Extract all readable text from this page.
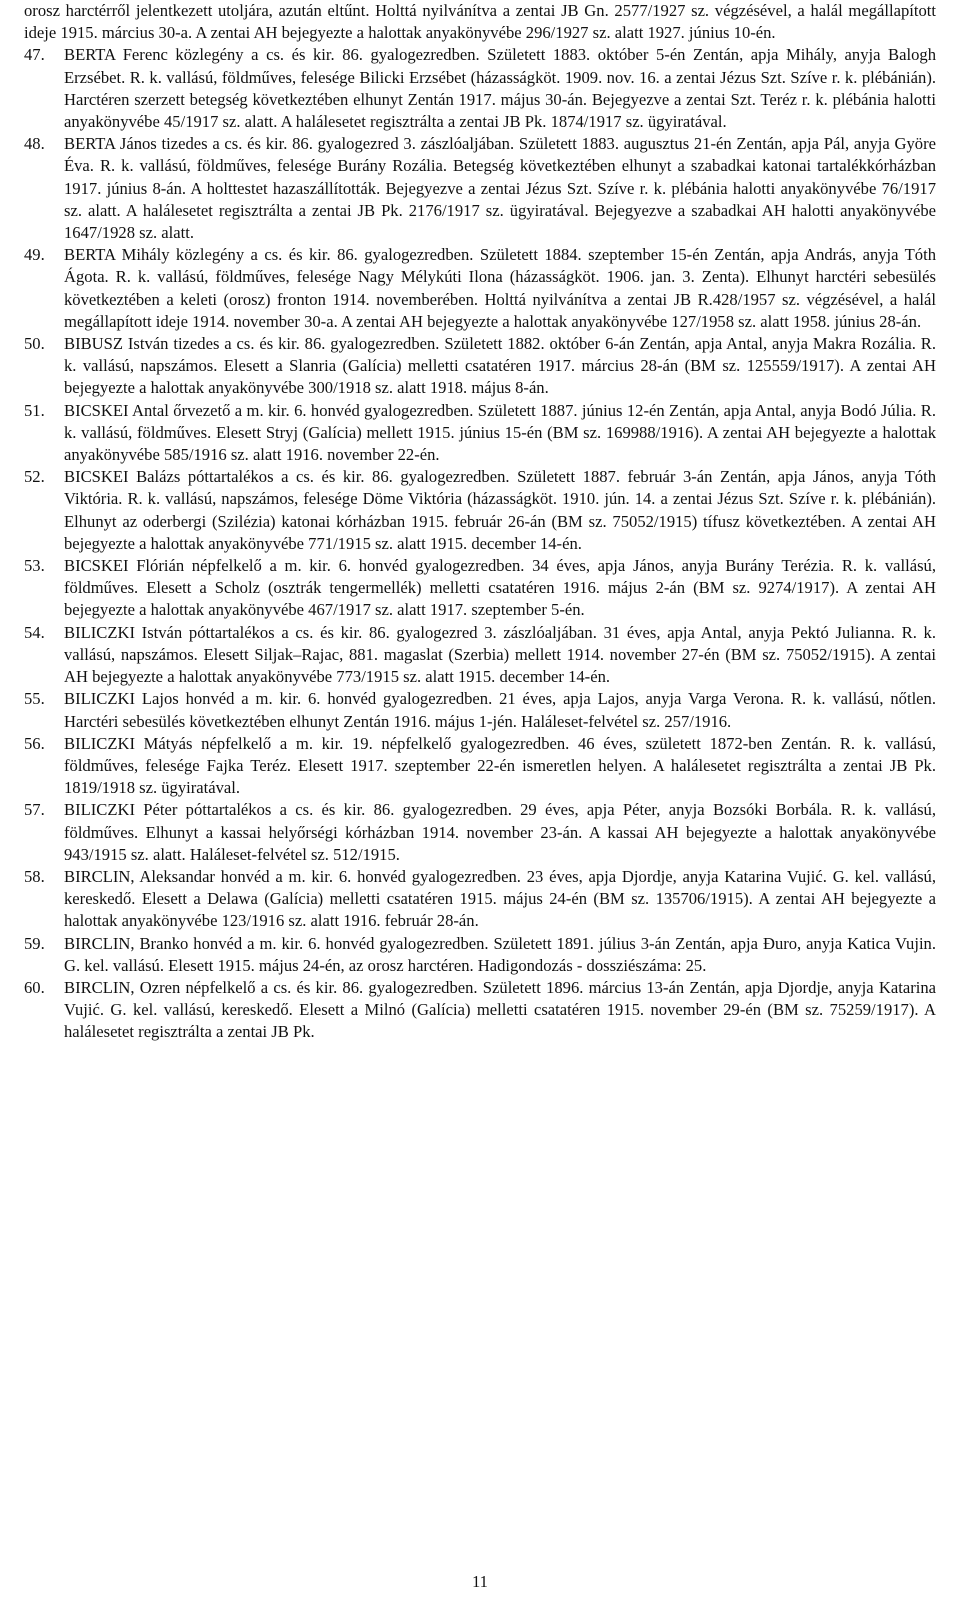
orosz harctérről jelentkezett utoljára, azután eltűnt. Holttá nyilvánítva a zentai JB Gn. 2577/1927 sz. végzésével, a halál megállapított ideje 1915. március 30-a. A zentai AH bejegyezte a halottak anyakönyvébe 296/1927 sz. alatt 1927. június 10-én.

47.	BERTA Ferenc közlegény a cs. és kir. 86. gyalogezredben. Született 1883. október 5-én Zentán, apja Mihály, anyja Balogh Erzsébet. R. k. vallású, földműves, felesége Bilicki Erzsébet (házasságköt. 1909. nov. 16. a zentai Jézus Szt. Szíve r. k. plébánián). Harctéren szerzett betegség következtében elhunyt Zentán 1917. május 30-án. Bejegyezve a zentai Szt. Teréz r. k. plébánia halotti anyakönyvébe 45/1917 sz. alatt. A halálesetet regisztrálta a zentai JB Pk. 1874/1917 sz. ügyiratával.
48.	BERTA János tizedes a cs. és kir. 86. gyalogezred 3. zászlóaljában. Született 1883. augusztus 21-én Zentán, apja Pál, anyja Györe Éva. R. k. vallású, földműves, felesége Burány Rozália. Betegség következtében elhunyt a szabadkai katonai tartalékkórházban 1917. június 8-án. A holttestet hazaszállították. Bejegyezve a zentai Jézus Szt. Szíve r. k. plébánia halotti anyakönyvébe 76/1917 sz. alatt. A halálesetet regisztrálta a zentai JB Pk. 2176/1917 sz. ügyiratával. Bejegyezve a szabadkai AH halotti anyakönyvébe 1647/1928 sz. alatt.
49.	BERTA Mihály közlegény a cs. és kir. 86. gyalogezredben. Született 1884. szeptember 15-én Zentán, apja András, anyja Tóth Ágota. R. k. vallású, földműves, felesége Nagy Mélykúti Ilona (házasságköt. 1906. jan. 3. Zenta). Elhunyt harctéri sebesülés következtében a keleti (orosz) fronton 1914. novemberében. Holttá nyilvánítva a zentai JB R.428/1957 sz. végzésével, a halál megállapított ideje 1914. november 30-a. A zentai AH bejegyezte a halottak anyakönyvébe 127/1958 sz. alatt 1958. június 28-án.
50.	BIBUSZ István tizedes a cs. és kir. 86. gyalogezredben. Született 1882. október 6-án Zentán, apja Antal, anyja Makra Rozália. R. k. vallású, napszámos. Elesett a Slanria (Galícia) melletti csatatéren 1917. március 28-án (BM sz. 125559/1917). A zentai AH bejegyezte a halottak anyakönyvébe 300/1918 sz. alatt 1918. május 8-án.
51.	BICSKEI Antal őrvezető a m. kir. 6. honvéd gyalogezredben. Született 1887. június 12-én Zentán, apja Antal, anyja Bodó Júlia. R. k. vallású, földműves. Elesett Stryj (Galícia) mellett 1915. június 15-én (BM sz. 169988/1916). A zentai AH bejegyezte a halottak anyakönyvébe 585/1916 sz. alatt 1916. november 22-én.
52.	BICSKEI Balázs póttartalékos a cs. és kir. 86. gyalogezredben. Született 1887. február 3-án Zentán, apja János, anyja Tóth Viktória. R. k. vallású, napszámos, felesége Döme Viktória (házasságköt. 1910. jún. 14. a zentai Jézus Szt. Szíve r. k. plébánián). Elhunyt az oderbergi (Szilézia) katonai kórházban 1915. február 26-án (BM sz. 75052/1915) tífusz következtében. A zentai AH bejegyezte a halottak anyakönyvébe 771/1915 sz. alatt 1915. december 14-én.
53.	BICSKEI Flórián népfelkelő a m. kir. 6. honvéd gyalogezredben. 34 éves, apja János, anyja Burány Terézia. R. k. vallású, földműves. Elesett a Scholz (osztrák tengermellék) melletti csatatéren 1916. május 2-án (BM sz. 9274/1917). A zentai AH bejegyezte a halottak anyakönyvébe 467/1917 sz. alatt 1917. szeptember 5-én.
54.	BILICZKI István póttartalékos a cs. és kir. 86. gyalogezred 3. zászlóaljában. 31 éves, apja Antal, anyja Pektó Julianna. R. k. vallású, napszámos. Elesett Siljak–Rajac, 881. magaslat (Szerbia) mellett 1914. november 27-én (BM sz. 75052/1915). A zentai AH bejegyezte a halottak anyakönyvébe 773/1915 sz. alatt 1915. december 14-én.
55.	BILICZKI Lajos honvéd a m. kir. 6. honvéd gyalogezredben. 21 éves, apja Lajos, anyja Varga Verona. R. k. vallású, nőtlen. Harctéri sebesülés következtében elhunyt Zentán 1916. május 1-jén. Haláleset-felvétel sz. 257/1916.
56.	BILICZKI Mátyás népfelkelő a m. kir. 19. népfelkelő gyalogezredben. 46 éves, született 1872-ben Zentán. R. k. vallású, földműves, felesége Fajka Teréz. Elesett 1917. szeptember 22-én ismeretlen helyen. A halálesetet regisztrálta a zentai JB Pk. 1819/1918 sz. ügyiratával.
57.	BILICZKI Péter póttartalékos a cs. és kir. 86. gyalogezredben. 29 éves, apja Péter, anyja Bozsóki Borbála. R. k. vallású, földműves. Elhunyt a kassai helyőrségi kórházban 1914. november 23-án. A kassai AH bejegyezte a halottak anyakönyvébe 943/1915 sz. alatt. Haláleset-felvétel sz. 512/1915.
58.	BIRCLIN, Aleksandar honvéd a m. kir. 6. honvéd gyalogezredben. 23 éves, apja Djordje, anyja Katarina Vujić. G. kel. vallású, kereskedő. Elesett a Delawa (Galícia) melletti csatatéren 1915. május 24-én (BM sz. 135706/1915). A zentai AH bejegyezte a halottak anyakönyvébe 123/1916 sz. alatt 1916. február 28-án.
59.	BIRCLIN, Branko honvéd a m. kir. 6. honvéd gyalogezredben. Született 1891. július 3-án Zentán, apja Đuro, anyja Katica Vujin. G. kel. vallású. Elesett 1915. május 24-én, az orosz harctéren. Hadigondozás - dossziészáma: 25.
60.	BIRCLIN, Ozren népfelkelő a cs. és kir. 86. gyalogezredben. Született 1896. március 13-án Zentán, apja Djordje, anyja Katarina Vujić. G. kel. vallású, kereskedő. Elesett a Milnó (Galícia) melletti csatatéren 1915. november 29-én (BM sz. 75259/1917). A halálesetet regisztrálta a zentai JB Pk.
11
